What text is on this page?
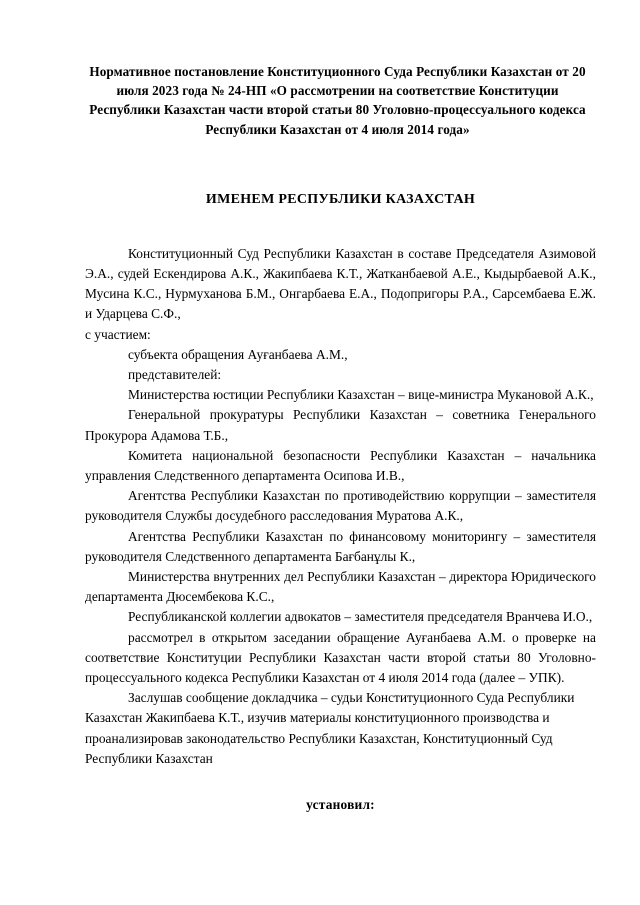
Нормативное постановление Конституционного Суда Республики Казахстан от 20 июля 2023 года № 24-НП «О рассмотрении на соответствие Конституции Республики Казахстан части второй статьи 80 Уголовно-процессуального кодекса Республики Казахстан от 4 июля 2014 года»
ИМЕНЕМ РЕСПУБЛИКИ КАЗАХСТАН

Конституционный Суд Республики Казахстан в составе Председателя Азимовой Э.А., судей Ескендирова А.К., Жакипбаева К.Т., Жатканбаевой А.Е., Кыдырбаевой А.К., Мусина К.С., Нурмуханова Б.М., Онгарбаева Е.А., Подопригоры Р.А., Сарсембаева Е.Ж. и Ударцева С.Ф.,

с участием:

субъекта обращения Ауғанбаева А.М.,

представителей:

Министерства юстиции Республики Казахстан – вице-министра Мукановой А.К.,

Генеральной прокуратуры Республики Казахстан – советника Генерального Прокурора Адамова Т.Б.,

Комитета национальной безопасности Республики Казахстан – начальника управления Следственного департамента Осипова И.В.,

Агентства Республики Казахстан по противодействию коррупции – заместителя руководителя Службы досудебного расследования Муратова А.К.,

Агентства Республики Казахстан по финансовому мониторингу – заместителя руководителя Следственного департамента Бағбанұлы К.,

Министерства внутренних дел Республики Казахстан – директора Юридического департамента Дюсембекова К.С.,

Республиканской коллегии адвокатов – заместителя председателя Вранчева И.О.,

рассмотрел в открытом заседании обращение Ауғанбаева А.М. о проверке на соответствие Конституции Республики Казахстан части второй статьи 80 Уголовно-процессуального кодекса Республики Казахстан от 4 июля 2014 года (далее – УПК).

Заслушав сообщение докладчика – судьи Конституционного Суда Республики Казахстан Жакипбаева К.Т., изучив материалы конституционного производства и проанализировав законодательство Республики Казахстан, Конституционный Суд Республики Казахстан

установил:
